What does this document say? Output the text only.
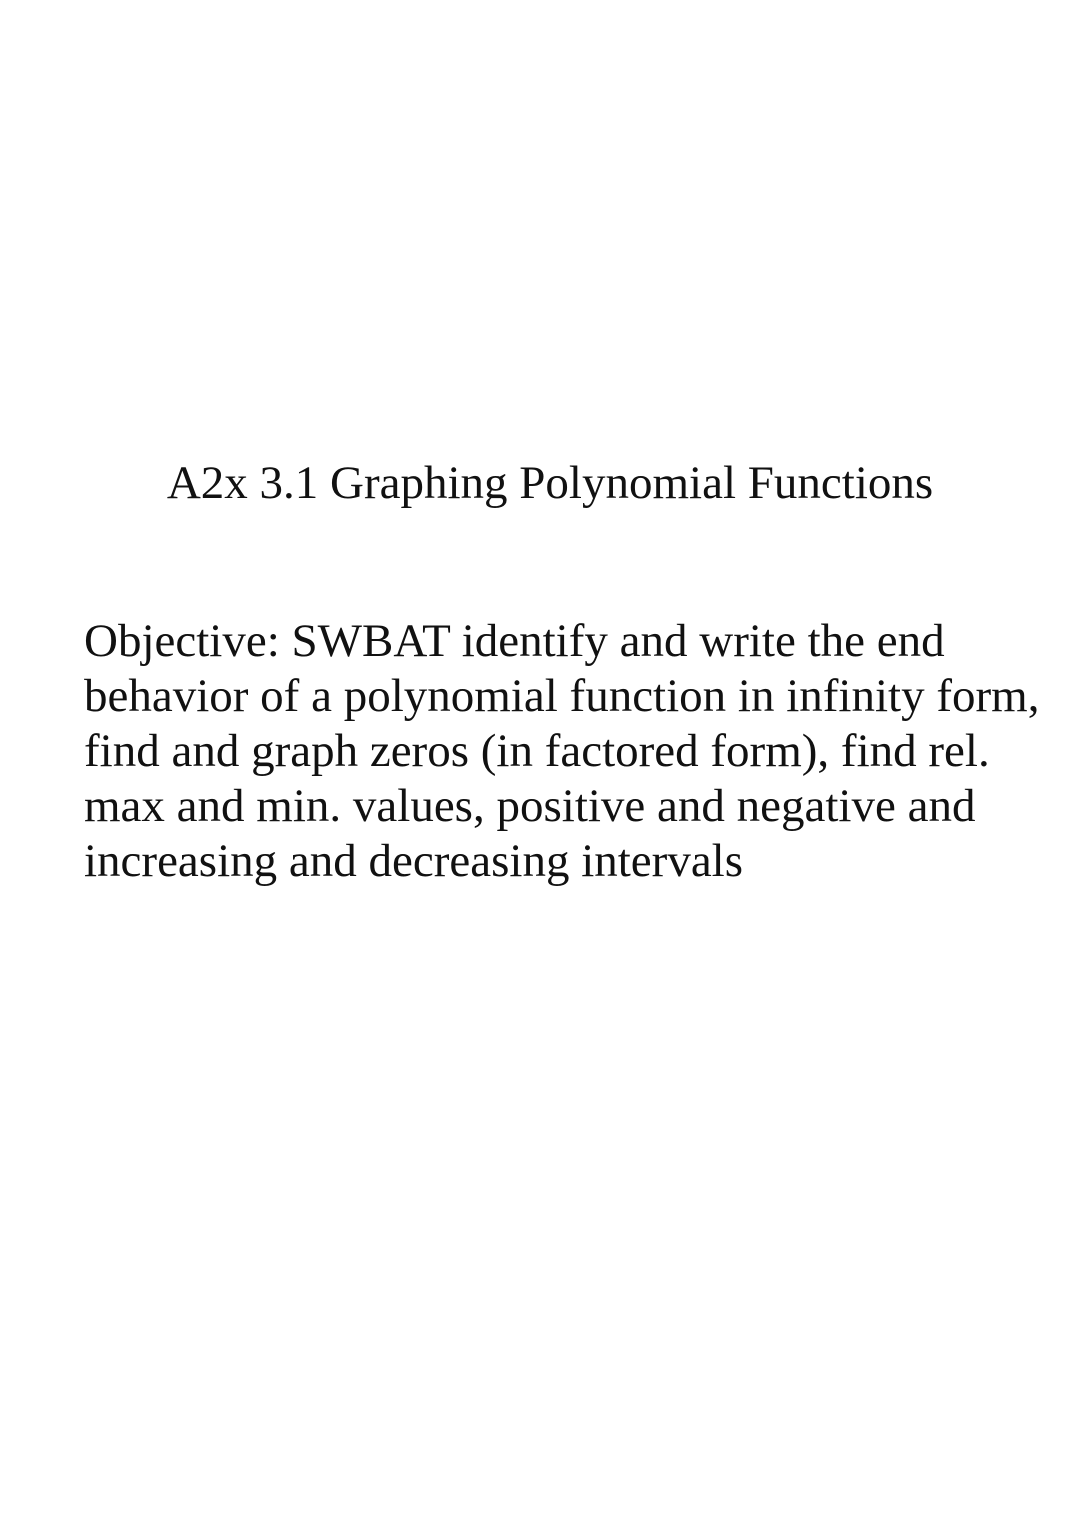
A2x 3.1 Graphing Polynomial Functions
Objective: SWBAT identify and write the end
behavior of a polynomial function in infinity form,
find and graph zeros (in factored form), find rel.
max and min. values, positive and negative and
increasing and decreasing intervals
